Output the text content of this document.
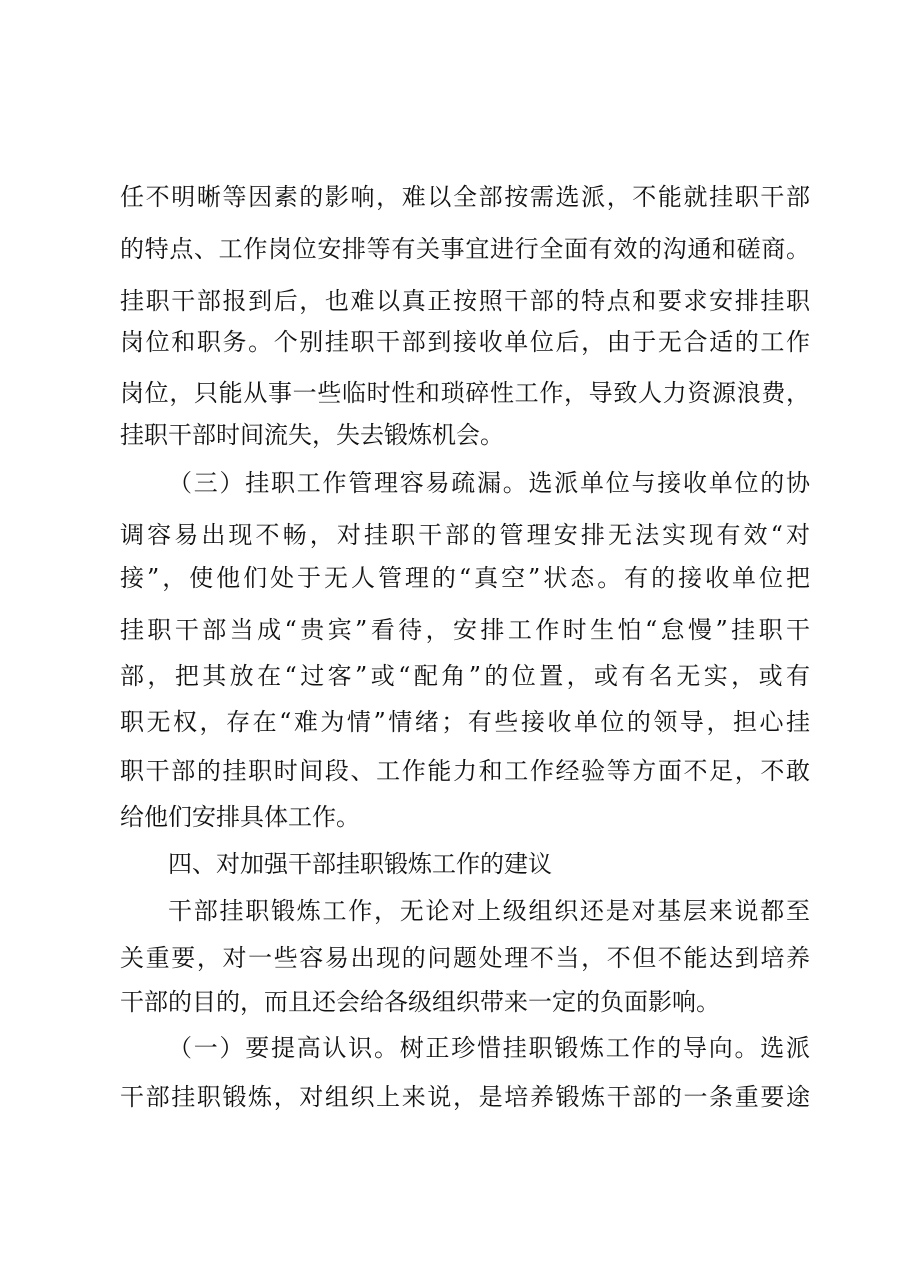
任不明晰等因素的影响，难以全部按需选派，不能就挂职干部
的特点、工作岗位安排等有关事宜进行全面有效的沟通和磋商。
挂职干部报到后，也难以真正按照干部的特点和要求安排挂职
岗位和职务。个别挂职干部到接收单位后，由于无合适的工作
岗位，只能从事一些临时性和琐碎性工作，导致人力资源浪费，
挂职干部时间流失，失去锻炼机会。
（三）挂职工作管理容易疏漏。选派单位与接收单位的协
调容易出现不畅，对挂职干部的管理安排无法实现有效“对
接”，使他们处于无人管理的“真空”状态。有的接收单位把
挂职干部当成“贵宾”看待，安排工作时生怕“怠慢”挂职干
部，把其放在“过客”或“配角”的位置，或有名无实，或有
职无权，存在“难为情”情绪；有些接收单位的领导，担心挂
职干部的挂职时间段、工作能力和工作经验等方面不足，不敢
给他们安排具体工作。
四、对加强干部挂职锻炼工作的建议
干部挂职锻炼工作，无论对上级组织还是对基层来说都至
关重要，对一些容易出现的问题处理不当，不但不能达到培养
干部的目的，而且还会给各级组织带来一定的负面影响。
（一）要提高认识。树正珍惜挂职锻炼工作的导向。选派
干部挂职锻炼，对组织上来说，是培养锻炼干部的一条重要途
